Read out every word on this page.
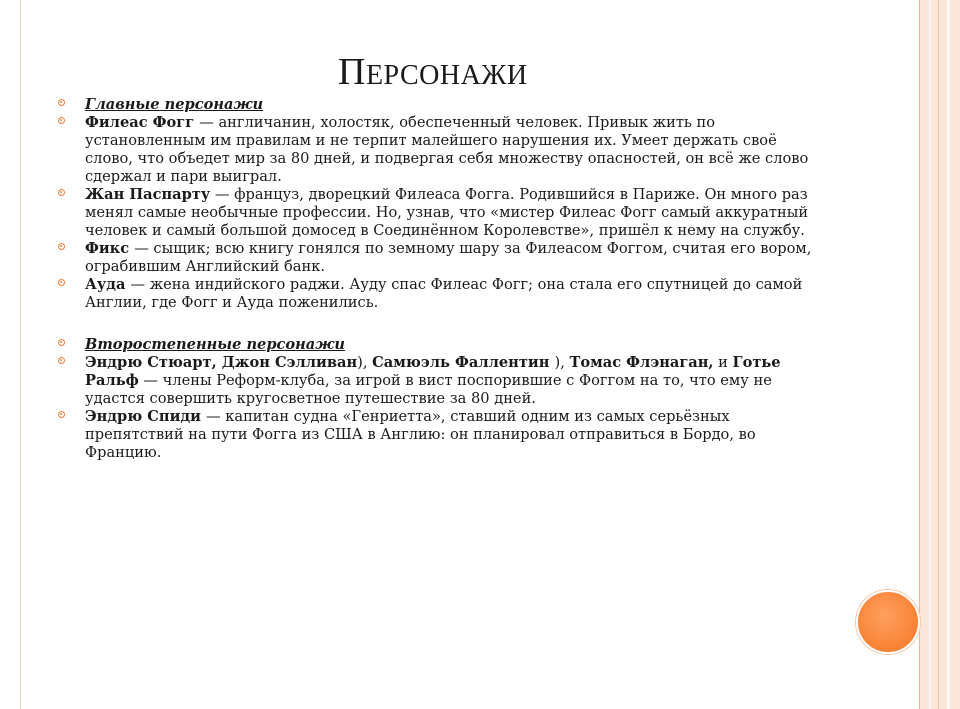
ПЕРСОНАЖИ
Главные персонажи
Филеас Фогг — англичанин, холостяк, обеспеченный человек. Привык жить по установленным им правилам и не терпит малейшего нарушения их. Умеет держать своё слово, что объедет мир за 80 дней, и подвергая себя множеству опасностей, он всё же слово сдержал и пари выиграл.
Жан Паспарту — француз, дворецкий Филеаса Фогга. Родившийся в Париже. Он много раз менял самые необычные профессии. Но, узнав, что «мистер Филеас Фогг самый аккуратный человек и самый большой домосед в Соединённом Королевстве», пришёл к нему на службу.
Фикс — сыщик; всю книгу гонялся по земному шару за Филеасом Фоггом, считая его вором, ограбившим Английский банк.
Ауда — жена индийского раджи. Ауду спас Филеас Фогг; она стала его спутницей до самой Англии, где Фогг и Ауда поженились.
Второстепенные персонажи
Эндрю Стюарт, Джон Сэлливан), Самюэль Фаллентин ), Томас Флэнаган, и Готье Ральф — члены Реформ-клуба, за игрой в вист поспорившие с Фоггом на то, что ему не удастся совершить кругосветное путешествие за 80 дней.
Эндрю Спиди — капитан судна «Генриетта», ставший одним из самых серьёзных препятствий на пути Фогга из США в Англию: он планировал отправиться в Бордо, во Францию.
